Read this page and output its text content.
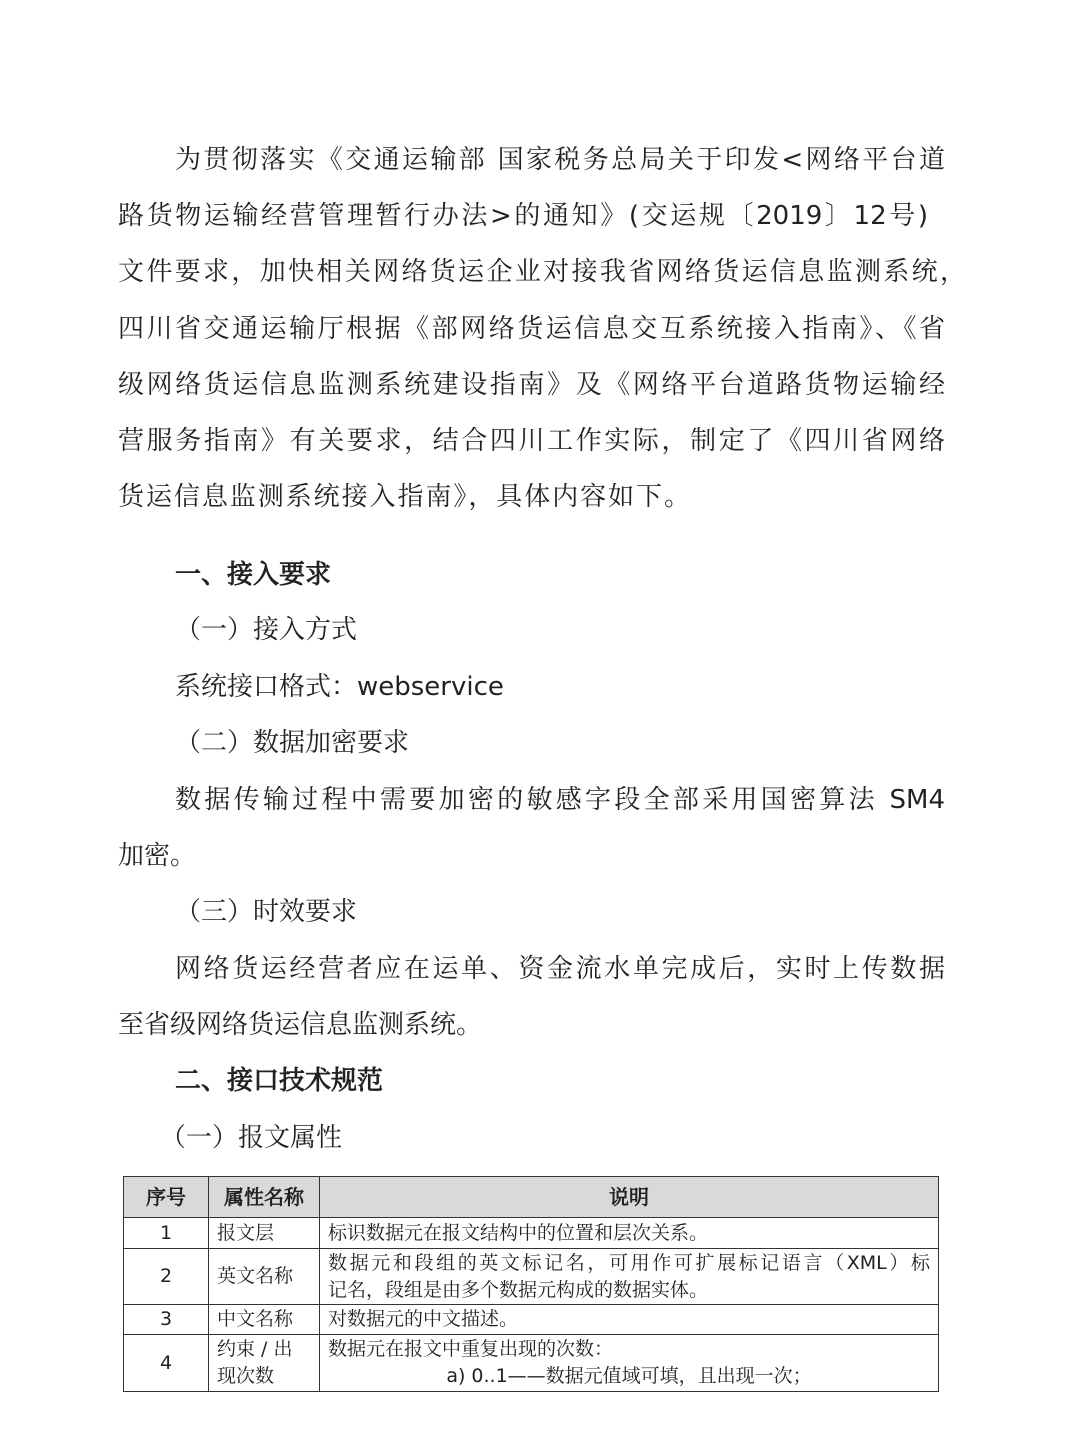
为贯彻落实《交通运输部 国家税务总局关于印发<网络平台道
路货物运输经营管理暂行办法>的通知》(交运规〔2019〕12号)
文件要求，加快相关网络货运企业对接我省网络货运信息监测系统，
四川省交通运输厅根据《部网络货运信息交互系统接入指南》、《省
级网络货运信息监测系统建设指南》及《网络平台道路货物运输经
营服务指南》有关要求，结合四川工作实际，制定了《四川省网络
货运信息监测系统接入指南》，具体内容如下。
一、接入要求
（一）接入方式
系统接口格式：webservice
（二）数据加密要求
数据传输过程中需要加密的敏感字段全部采用国密算法 SM4
加密。
（三）时效要求
网络货运经营者应在运单、资金流水单完成后，实时上传数据
至省级网络货运信息监测系统。
二、接口技术规范
（一）报文属性
序号	属性名称	说明
1	报文层	标识数据元在报文结构中的位置和层次关系。
2	英文名称	数据元和段组的英文标记名，可用作可扩展标记语言（XML）标
记名，段组是由多个数据元构成的数据实体。

3	中文名称	对数据元的中文描述。
4	约束 / 出现次数	数据元在报文中重复出现的次数：
a) 0..1——数据元值域可填，且出现一次；
